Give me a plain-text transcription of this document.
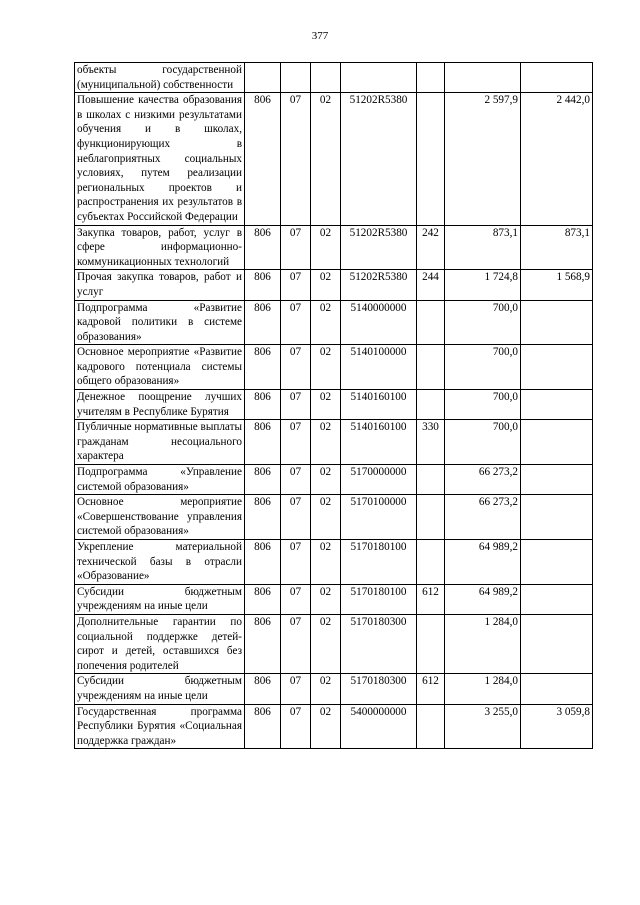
377
объекты государственной (муниципальной) собственности							
Повышение качества образования в школах с низкими результатами обучения и в школах, функционирующих в неблагоприятных социальных условиях, путем реализации региональных проектов и распространения их результатов в субъектах Российской Федерации	806	07	02	51202R5380		2 597,9	2 442,0
Закупка товаров, работ, услуг в сфере информационно-коммуникационных технологий	806	07	02	51202R5380	242	873,1	873,1
Прочая закупка товаров, работ и услуг	806	07	02	51202R5380	244	1 724,8	1 568,9
Подпрограмма «Развитие кадровой политики в системе образования»	806	07	02	5140000000		700,0	
Основное мероприятие «Развитие кадрового потенциала системы общего образования»	806	07	02	5140100000		700,0	
Денежное поощрение лучших учителям в Республике Бурятия	806	07	02	5140160100		700,0	
Публичные нормативные выплаты гражданам несоциального характера	806	07	02	5140160100	330	700,0	
Подпрограмма «Управление системой образования»	806	07	02	5170000000		66 273,2	
Основное мероприятие «Совершенствование управления системой образования»	806	07	02	5170100000		66 273,2	
Укрепление материальной технической базы в отрасли «Образование»	806	07	02	5170180100		64 989,2	
Субсидии бюджетным учреждениям на иные цели	806	07	02	5170180100	612	64 989,2	
Дополнительные гарантии по социальной поддержке детей-сирот и детей, оставшихся без попечения родителей	806	07	02	5170180300		1 284,0	
Субсидии бюджетным учреждениям на иные цели	806	07	02	5170180300	612	1 284,0	
Государственная программа Республики Бурятия «Социальная поддержка граждан»	806	07	02	5400000000		3 255,0	3 059,8
